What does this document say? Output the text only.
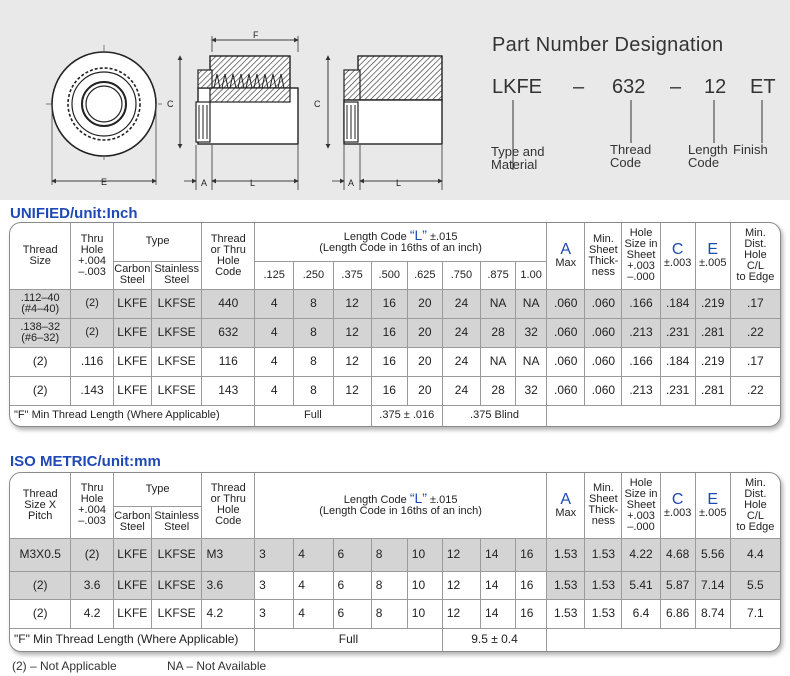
E
F
C
A	L
C
A	L
Part Number Designation
LKFE – 632 – 12 ET
Type and
Material
Thread
Code
Length
Code
Finish
UNIFIED/unit:Inch
Thread
Size	Thru
Hole
+.004
–.003	Type		Thread
or Thru
Hole
Code	Length Code “L” ±.015
(Length Code in 16ths of an inch)								A
Max	Min.
Sheet
Thick-
ness	Hole
Size in
Sheet
+.003
–.000	C
±.003	E
±.005	Min.
Dist.
Hole
C/L
to Edge
		Carbon
Steel	Stainless
Steel		.125	.250	.375	.500	.625	.750	.875	1.00						
.112–40
(#4–40)	(2)	LKFE	LKFSE	440	4	8	12	16	20	24	NA	NA	.060	.060	.166	.184	.219	.17
.138–32
(#6–32)	(2)	LKFE	LKFSE	632	4	8	12	16	20	24	28	32	.060	.060	.213	.231	.281	.22
(2)	.116	LKFE	LKFSE	116	4	8	12	16	20	24	NA	NA	.060	.060	.166	.184	.219	.17
(2)	.143	LKFE	LKFSE	143	4	8	12	16	20	24	28	32	.060	.060	.213	.231	.281	.22
"F" Min Thread Length (Where Applicable)					Full			.375 ± .016		.375 Blind								
ISO METRIC/unit:mm
Thread
Size X
Pitch	Thru
Hole
+.004
–.003	Type		Thread
or Thru
Hole
Code	Length Code “L” ±.015
(Length Code in 16ths of an inch)								A
Max	Min.
Sheet
Thick-
ness	Hole
Size in
Sheet
+.003
–.000	C
±.003	E
±.005	Min.
Dist.
Hole
C/L
to Edge
		Carbon
Steel	Stainless
Steel															
M3X0.5	(2)	LKFE	LKFSE	M3	3	4	6	8	10	12	14	16	1.53	1.53	4.22	4.68	5.56	4.4
(2)	3.6	LKFE	LKFSE	3.6	3	4	6	8	10	12	14	16	1.53	1.53	5.41	5.87	7.14	5.5
(2)	4.2	LKFE	LKFSE	4.2	3	4	6	8	10	12	14	16	1.53	1.53	6.4	6.86	8.74	7.1
"F" Min Thread Length (Where Applicable)					Full					9.5 ± 0.4								
(2) – Not Applicable	NA – Not Available
